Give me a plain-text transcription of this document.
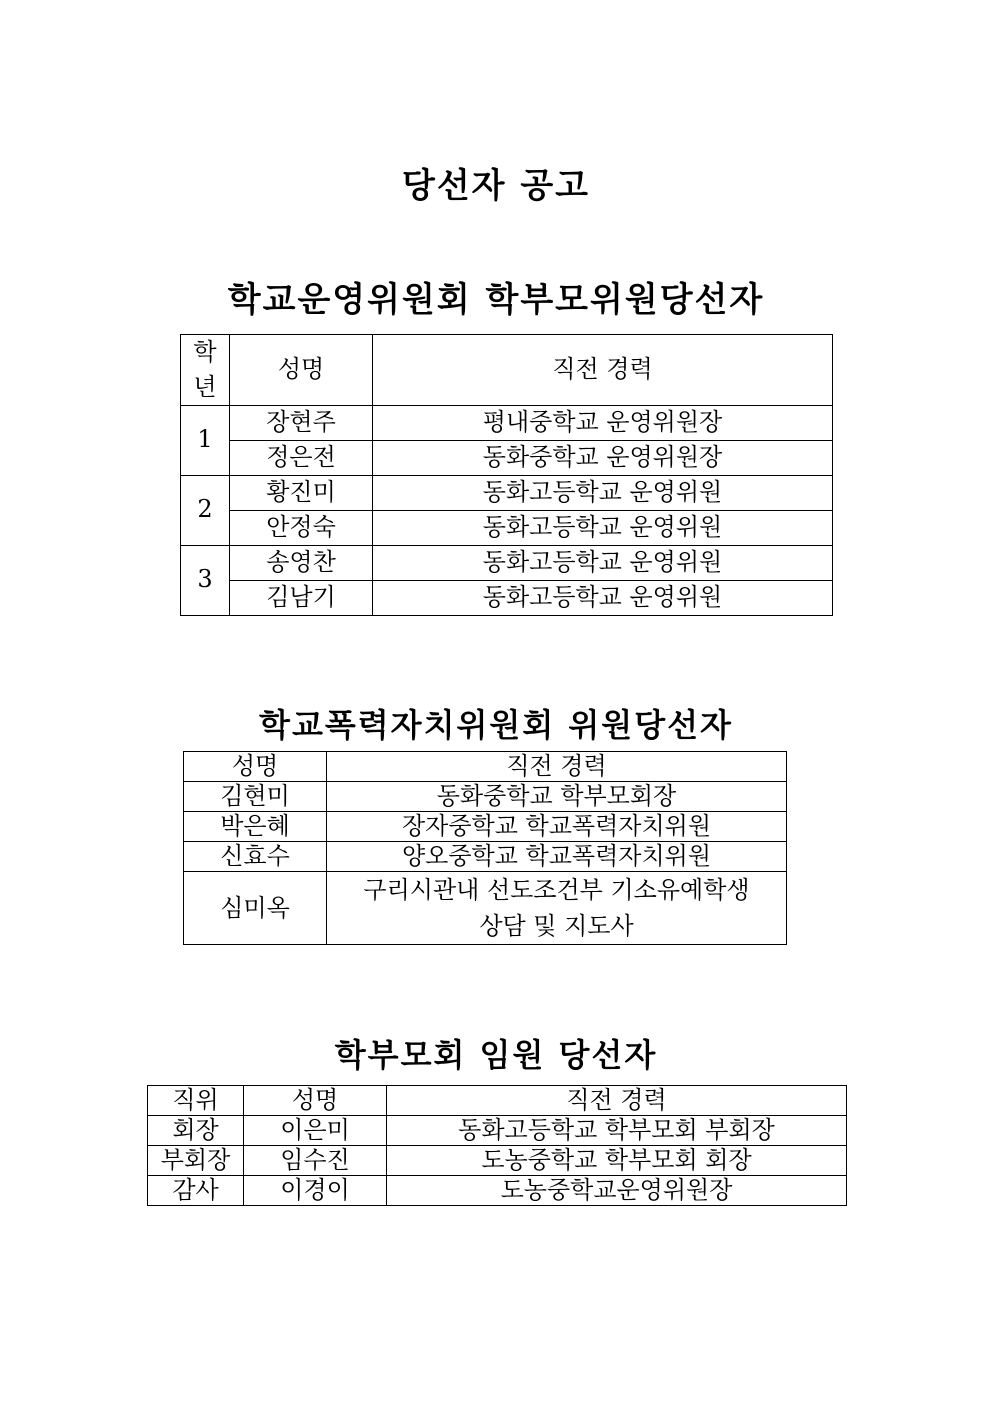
당선자 공고
학교운영위원회 학부모위원당선자
학
년	성명	직전 경력
1	장현주	평내중학교 운영위원장
	정은전	동화중학교 운영위원장
2	황진미	동화고등학교 운영위원
	안정숙	동화고등학교 운영위원
3	송영찬	동화고등학교 운영위원
	김남기	동화고등학교 운영위원
학교폭력자치위원회 위원당선자
성명	직전 경력
김현미	동화중학교 학부모회장
박은혜	장자중학교 학교폭력자치위원
신효수	양오중학교 학교폭력자치위원
심미옥	구리시관내 선도조건부 기소유예학생
상담 및 지도사
학부모회 임원 당선자
직위	성명	직전 경력
회장	이은미	동화고등학교 학부모회 부회장
부회장	임수진	도농중학교 학부모회 회장
감사	이경이	도농중학교운영위원장
